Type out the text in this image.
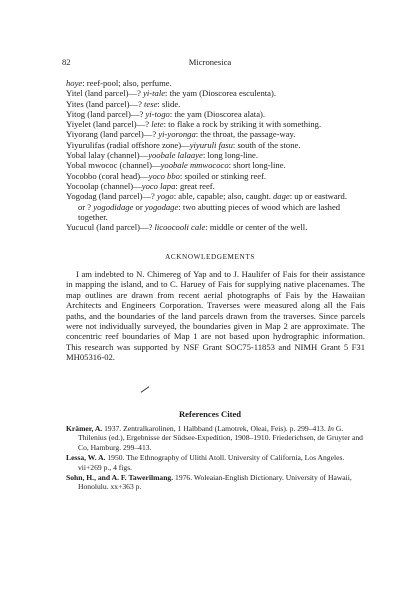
82	Micronesica
hoye: reef-pool; also, perfume.
Yitel (land parcel)—? yi-tale: the yam (Dioscorea esculenta).
Yites (land parcel)—? tese: slide.
Yitog (land parcel)—? yi-togo: the yam (Dioscorea alata).
Yiyelet (land parcel)—? lete: to flake a rock by striking it with something.
Yiyorang (land parcel)—? yi-yoronga: the throat, the passage-way.
Yiyurulifas (radial offshore zone)—yiyuruli fasu: south of the stone.
Yobal lalay (channel)—yoobale lalaaye: long long-line.
Yobal mwococ (channel)—yoobale mmwococo: short long-line.
Yocobbo (coral head)—yoco bbo: spoiled or stinking reef.
Yocoolap (channel)—yoco lapa: great reef.
Yogodag (land parcel)—? yogo: able, capable; also, caught. dage: up or eastward.
or ? yogodidage or yogodage: two abutting pieces of wood which are lashed
together.
Yucucul (land parcel)—? licoocooli cale: middle or center of the well.
ACKNOWLEDGEMENTS
I am indebted to N. Chimereg of Yap and to J. Haulifer of Fais for their assistance in mapping the island, and to C. Haruey of Fais for supplying native placenames. The map outlines are drawn from recent aerial photographs of Fais by the Hawaiian Architects and Engineers Corporation. Traverses were measured along all the Fais paths, and the boundaries of the land parcels drawn from the traverses. Since parcels were not individually surveyed, the boundaries given in Map 2 are approximate. The concentric reef boundaries of Map 1 are not based upon hydrographic information. This research was supported by NSF Grant SOC75-11853 and NIMH Grant 5 F31 MH05316-02.
References Cited
Krämer, A. 1937. Zentralkarolinen, 1 Halbband (Lamotrek, Oleai, Feis). p. 299–413. In G. Thilenius (ed.), Ergebnisse der Südsee-Expedition, 1908–1910. Friederichsen, de Gruyter and Co, Hamburg. 299–413.
Lessa, W. A. 1950. The Ethnography of Ulithi Atoll. University of California, Los Angeles. vii+269 p., 4 figs.
Sohn, H., and A. F. Tawerilmang. 1976. Woleaian-English Dictionary. University of Hawaii, Honolulu. xx+363 p.
